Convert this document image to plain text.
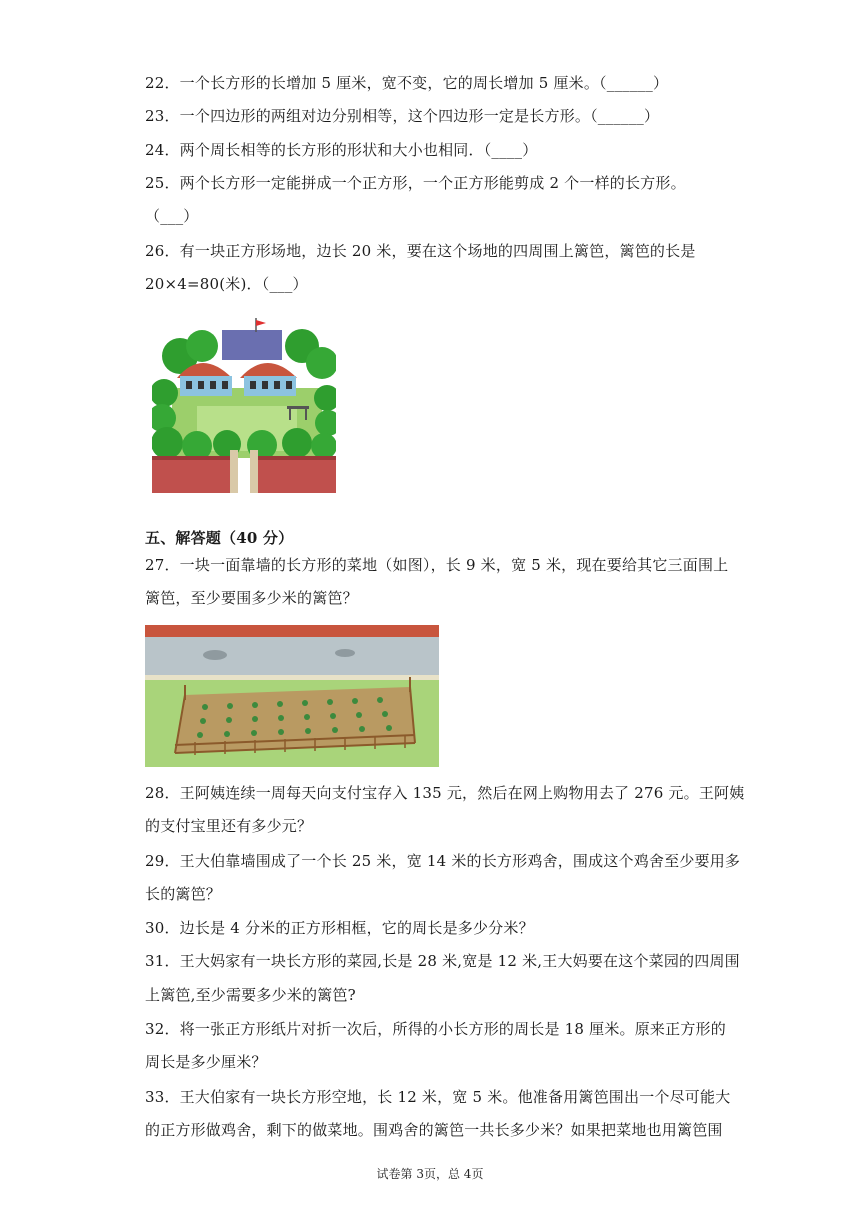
22．一个长方形的长增加 5 厘米，宽不变，它的周长增加 5 厘米。（______）
23．一个四边形的两组对边分别相等，这个四边形一定是长方形。（______）
24．两个周长相等的长方形的形状和大小也相同．（____）
25．两个长方形一定能拼成一个正方形，一个正方形能剪成 2 个一样的长方形。
（___）
26．有一块正方形场地，边长 20 米，要在这个场地的四周围上篱笆，篱笆的长是
20×4=80(米)．（___）
五、解答题（40 分）
27．一块一面靠墙的长方形的菜地（如图），长 9 米，宽 5 米，现在要给其它三面围上
篱笆，至少要围多少米的篱笆？
28．王阿姨连续一周每天向支付宝存入 135 元，然后在网上购物用去了 276 元。王阿姨
的支付宝里还有多少元？
29．王大伯靠墙围成了一个长 25 米，宽 14 米的长方形鸡舍，围成这个鸡舍至少要用多
长的篱笆？
30．边长是 4 分米的正方形相框，它的周长是多少分米？
31．王大妈家有一块长方形的菜园,长是 28 米,宽是 12 米,王大妈要在这个菜园的四周围
上篱笆,至少需要多少米的篱笆?
32．将一张正方形纸片对折一次后，所得的小长方形的周长是 18 厘米。原来正方形的
周长是多少厘米？
33．王大伯家有一块长方形空地，长 12 米，宽 5 米。他准备用篱笆围出一个尽可能大
的正方形做鸡舍，剩下的做菜地。围鸡舍的篱笆一共长多少米？如果把菜地也用篱笆围
试卷第 3页，总 4页
